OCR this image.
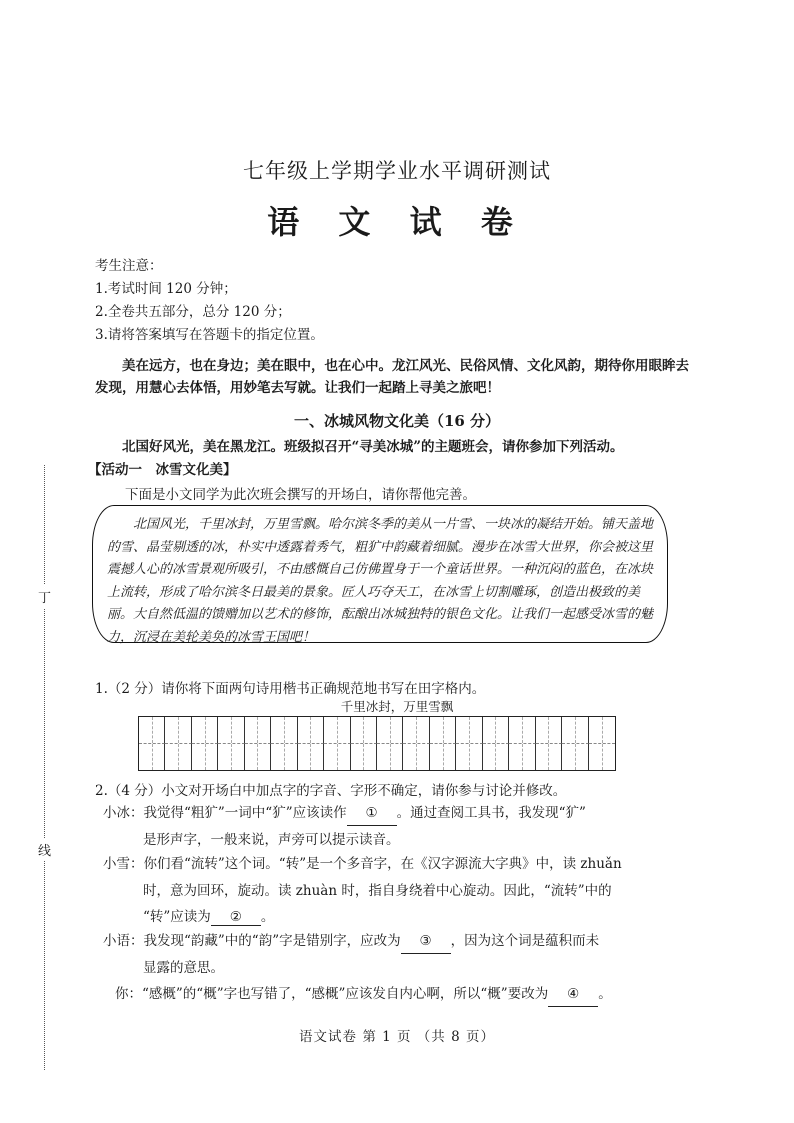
丁
线
七年级上学期学业水平调研测试
语 文 试 卷
考生注意：
1.考试时间 120 分钟；
2.全卷共五部分，总分 120 分；
3.请将答案填写在答题卡的指定位置。
美在远方，也在身边；美在眼中，也在心中。龙江风光、民俗风情、文化风韵，期待你用眼眸去发现，用慧心去体悟，用妙笔去写就。让我们一起踏上寻美之旅吧！
一、冰城风物文化美（16 分）
北国好风光，美在黑龙江。班级拟召开“寻美冰城”的主题班会，请你参加下列活动。
【活动一　冰雪文化美】
下面是小文同学为此次班会撰写的开场白，请你帮他完善。
北国风光，千里冰封，万里雪飘。哈尔滨冬季的美从一片雪、一块冰的凝结开始。铺天盖地的雪、晶莹剔透的冰，朴实中透露着秀气，粗犷中韵藏着细腻。漫步在冰雪大世界，你会被这里震撼人心的冰雪景观所吸引，不由感慨自己仿佛置身于一个童话世界。一种沉闷的蓝色，在冰块上流转，形成了哈尔滨冬日最美的景象。匠人巧夺天工，在冰雪上切割雕琢，创造出极致的美丽。大自然低温的馈赠加以艺术的修饰，酝酿出冰城独特的银色文化。让我们一起感受冰雪的魅力，沉浸在美轮美奂的冰雪王国吧！
1.（2 分）请你将下面两句诗用楷书正确规范地书写在田字格内。
千里冰封，万里雪飘
2.（4 分）小文对开场白中加点字的字音、字形不确定，请你参与讨论并修改。
小冰：我觉得“粗犷”一词中“犷”应该读作 ① 。通过查阅工具书，我发现“犷”
是形声字，一般来说，声旁可以提示读音。
小雪：你们看“流转”这个词。“转”是一个多音字，在《汉字源流大字典》中，读 zhuǎn
时，意为回环，旋动。读 zhuàn 时，指自身绕着中心旋动。因此，“流转”中的
“转”应读为 ② 。
小语：我发现“韵藏”中的“韵”字是错别字，应改为 ③ ，因为这个词是蕴积而未
显露的意思。
你：“感概”的“概”字也写错了，“感概”应该发自内心啊，所以“概”要改为 ④ 。
语文试卷 第 1 页 （共 8 页）
